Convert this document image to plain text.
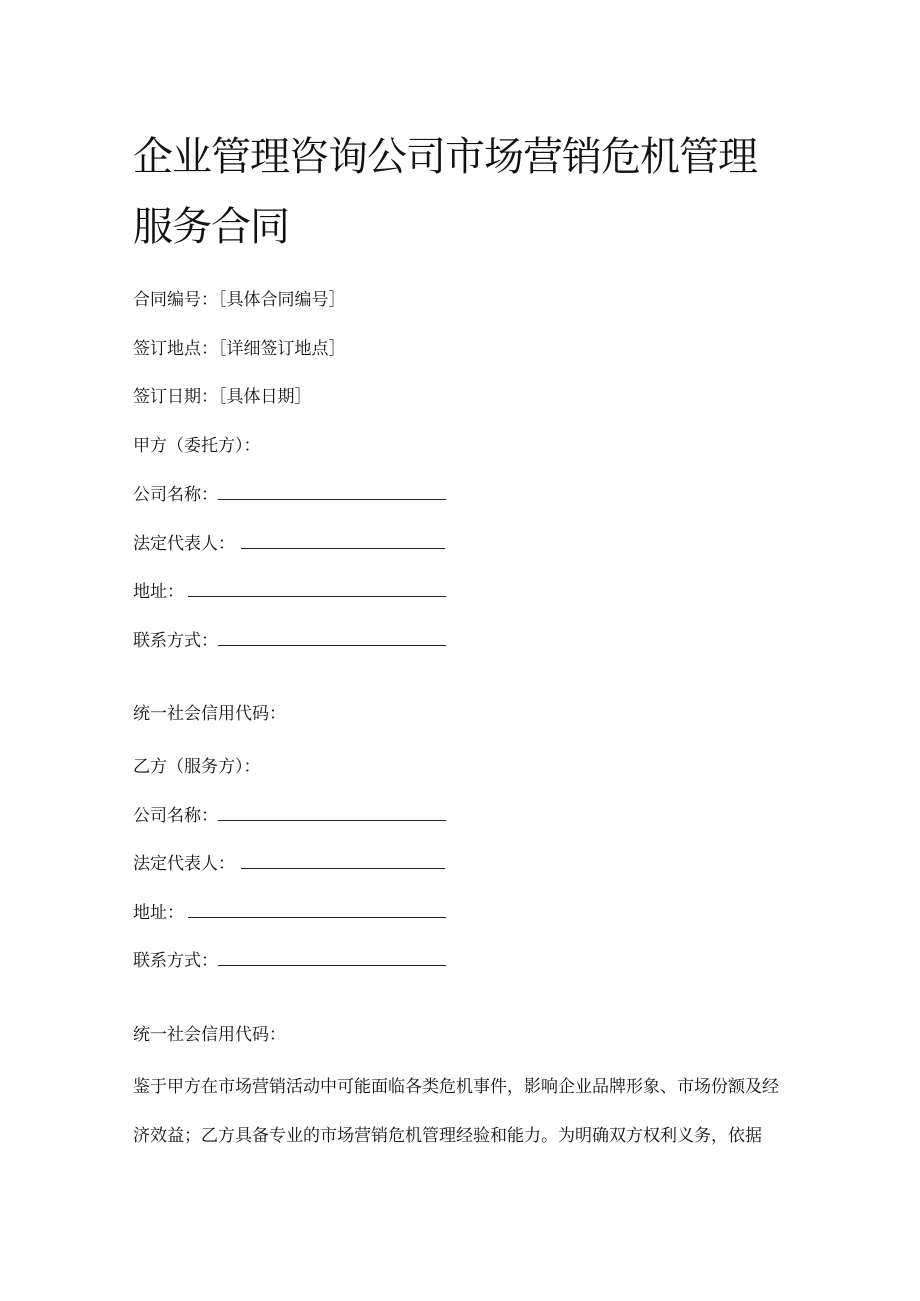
企业管理咨询公司市场营销危机管理服务合同
合同编号：［具体合同编号］
签订地点：［详细签订地点］
签订日期：［具体日期］
甲方（委托方）：
公司名称：
法定代表人：
地址：
联系方式：
统一社会信用代码：
乙方（服务方）：
公司名称：
法定代表人：
地址：
联系方式：
统一社会信用代码：
鉴于甲方在市场营销活动中可能面临各类危机事件，影响企业品牌形象、市场份额及经济效益；乙方具备专业的市场营销危机管理经验和能力。为明确双方权利义务，依据
